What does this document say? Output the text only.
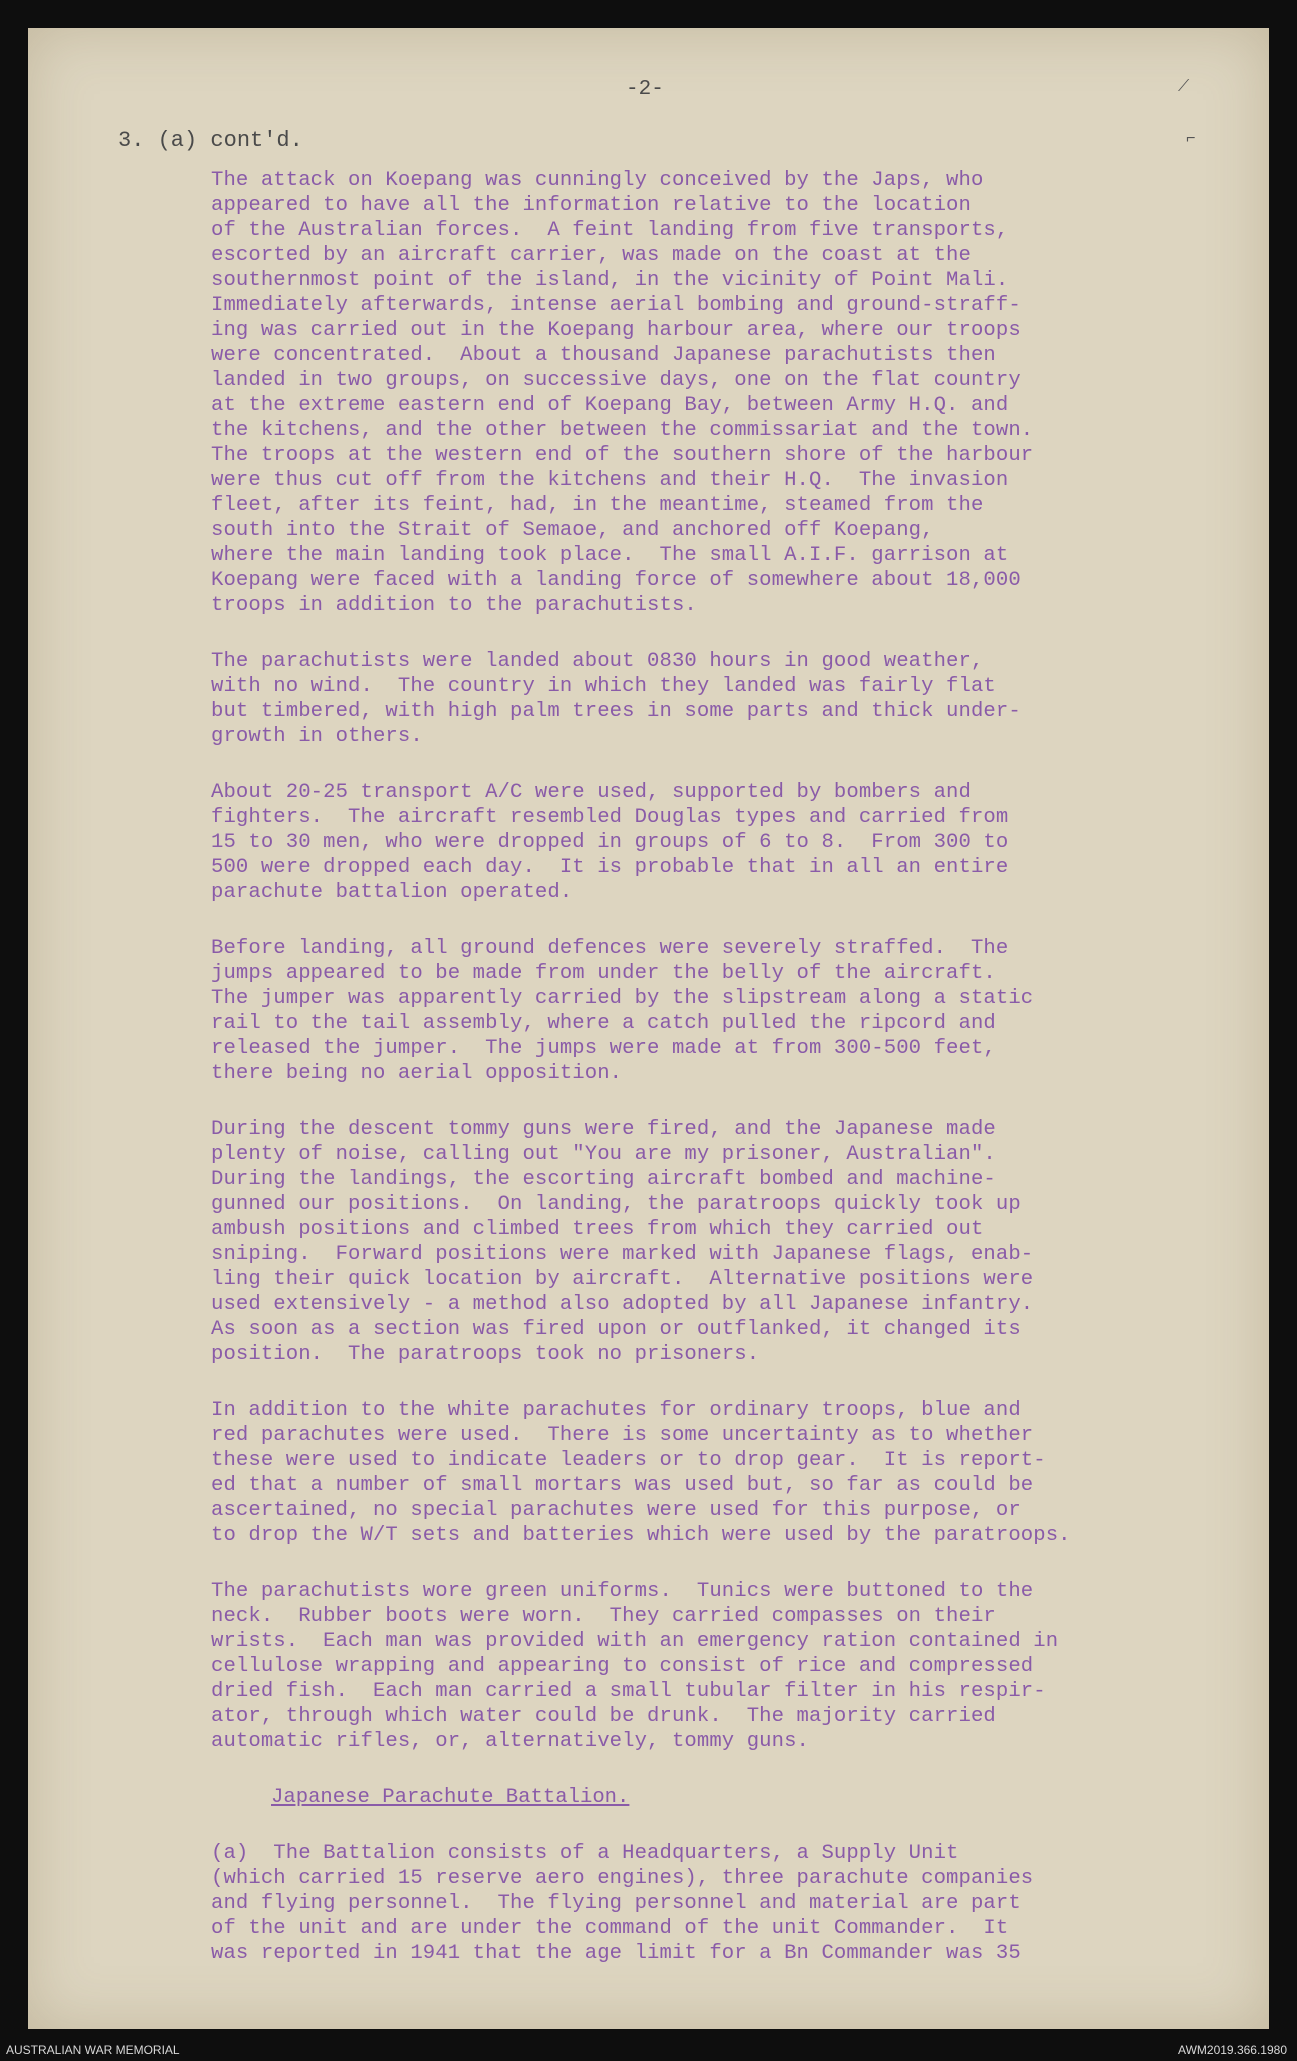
-2-
3. (a) cont'd.
The attack on Koepang was cunningly conceived by the Japs, who
appeared to have all the information relative to the location
of the Australian forces.  A feint landing from five transports,
escorted by an aircraft carrier, was made on the coast at the
southernmost point of the island, in the vicinity of Point Mali.
Immediately afterwards, intense aerial bombing and ground-straff-
ing was carried out in the Koepang harbour area, where our troops
were concentrated.  About a thousand Japanese parachutists then
landed in two groups, on successive days, one on the flat country
at the extreme eastern end of Koepang Bay, between Army H.Q. and
the kitchens, and the other between the commissariat and the town.
The troops at the western end of the southern shore of the harbour
were thus cut off from the kitchens and their H.Q.  The invasion
fleet, after its feint, had, in the meantime, steamed from the
south into the Strait of Semaoe, and anchored off Koepang,
where the main landing took place.  The small A.I.F. garrison at
Koepang were faced with a landing force of somewhere about 18,000
troops in addition to the parachutists.
The parachutists were landed about 0830 hours in good weather,
with no wind.  The country in which they landed was fairly flat
but timbered, with high palm trees in some parts and thick under-
growth in others.
About 20-25 transport A/C were used, supported by bombers and
fighters.  The aircraft resembled Douglas types and carried from
15 to 30 men, who were dropped in groups of 6 to 8.  From 300 to
500 were dropped each day.  It is probable that in all an entire
parachute battalion operated.
Before landing, all ground defences were severely straffed.  The
jumps appeared to be made from under the belly of the aircraft.
The jumper was apparently carried by the slipstream along a static
rail to the tail assembly, where a catch pulled the ripcord and
released the jumper.  The jumps were made at from 300-500 feet,
there being no aerial opposition.
During the descent tommy guns were fired, and the Japanese made
plenty of noise, calling out "You are my prisoner, Australian".
During the landings, the escorting aircraft bombed and machine-
gunned our positions.  On landing, the paratroops quickly took up
ambush positions and climbed trees from which they carried out
sniping.  Forward positions were marked with Japanese flags, enab-
ling their quick location by aircraft.  Alternative positions were
used extensively - a method also adopted by all Japanese infantry.
As soon as a section was fired upon or outflanked, it changed its
position.  The paratroops took no prisoners.
In addition to the white parachutes for ordinary troops, blue and
red parachutes were used.  There is some uncertainty as to whether
these were used to indicate leaders or to drop gear.  It is report-
ed that a number of small mortars was used but, so far as could be
ascertained, no special parachutes were used for this purpose, or
to drop the W/T sets and batteries which were used by the paratroops.
The parachutists wore green uniforms.  Tunics were buttoned to the
neck.  Rubber boots were worn.  They carried compasses on their
wrists.  Each man was provided with an emergency ration contained in
cellulose wrapping and appearing to consist of rice and compressed
dried fish.  Each man carried a small tubular filter in his respir-
ator, through which water could be drunk.  The majority carried
automatic rifles, or, alternatively, tommy guns.
Japanese Parachute Battalion.
(a)  The Battalion consists of a Headquarters, a Supply Unit
(which carried 15 reserve aero engines), three parachute companies
and flying personnel.  The flying personnel and material are part
of the unit and are under the command of the unit Commander.  It
was reported in 1941 that the age limit for a Bn Commander was 35
⟋
⌐
AUSTRALIAN WAR MEMORIAL	AWM2019.366.1980
